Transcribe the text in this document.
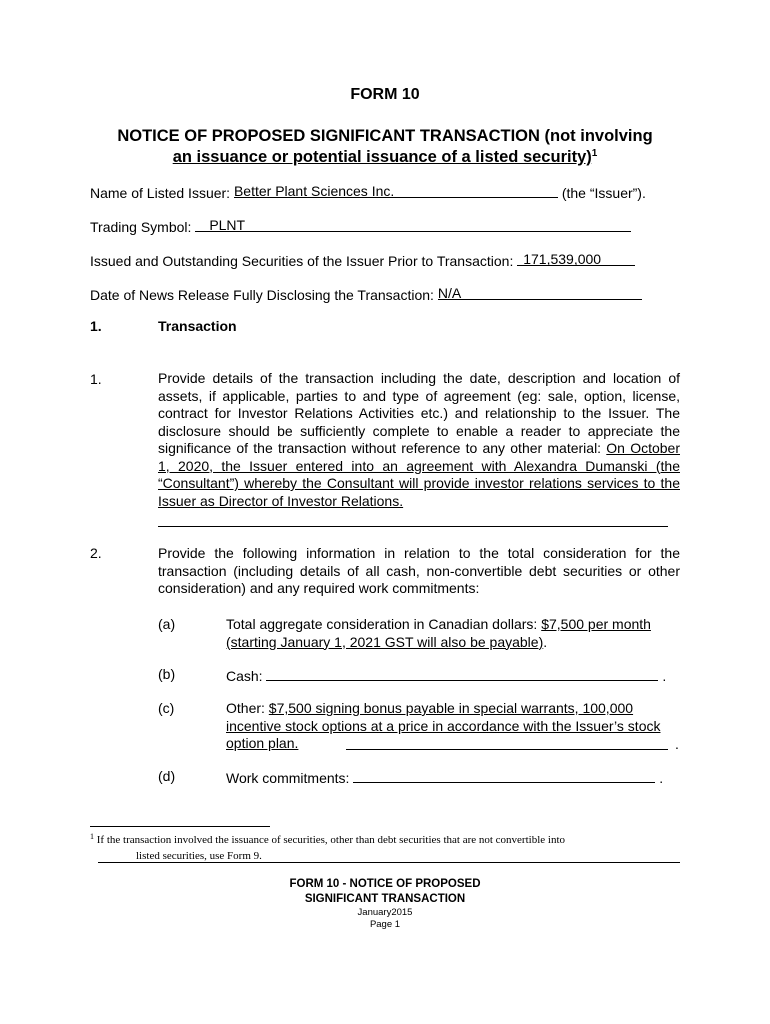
FORM 10
NOTICE OF PROPOSED SIGNIFICANT TRANSACTION (not involving
an issuance or potential issuance of a listed security)$^1$
Name of Listed Issuer: Better Plant Sciences Inc.	(the “Issuer”).
Trading Symbol: PLNT
Issued and Outstanding Securities of the Issuer Prior to Transaction: 171,539,000
Date of News Release Fully Disclosing the Transaction: N/A
1.	Transaction
1.	Provide details of the transaction including the date, description and location of assets, if applicable, parties to and type of agreement (eg: sale, option, license, contract for Investor Relations Activities etc.) and relationship to the Issuer. The disclosure should be sufficiently complete to enable a reader to appreciate the significance of the transaction without reference to any other material: On October 1, 2020, the Issuer entered into an agreement with Alexandra Dumanski (the “Consultant”) whereby the Consultant will provide investor relations services to the Issuer as Director of Investor Relations.
2.	Provide the following information in relation to the total consideration for the transaction (including details of all cash, non-convertible debt securities or other consideration) and any required work commitments:
(a)	Total aggregate consideration in Canadian dollars: $7,500 per month (starting January 1, 2021 GST will also be payable).
(b)	Cash:	.
(c)	Other: $7,500 signing bonus payable in special warrants, 100,000 incentive stock options at a price in accordance with the Issuer’s stock option plan.	.
(d)	Work commitments:	.
$^1$ If the transaction involved the issuance of securities, other than debt securities that are not convertible into
listed securities, use Form 9.
FORM 10 - NOTICE OF PROPOSED
SIGNIFICANT TRANSACTION
January2015
Page 1
